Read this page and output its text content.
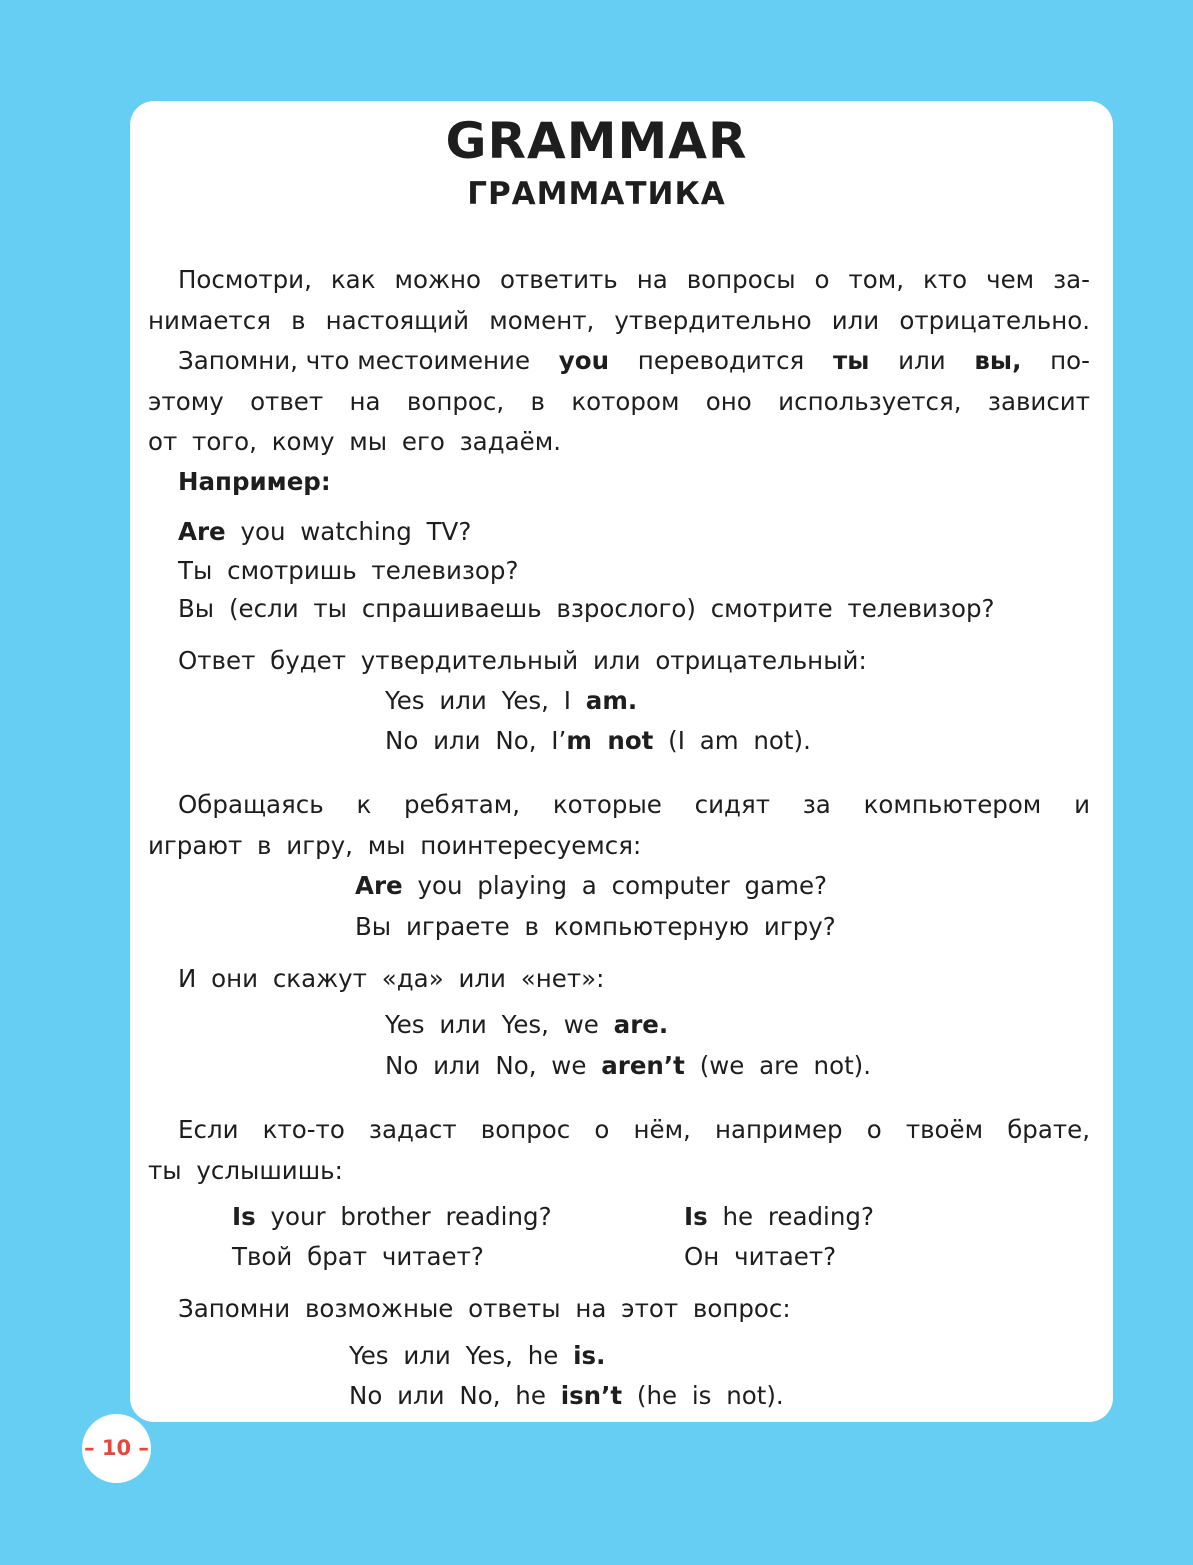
GRAMMAR
ГРАММАТИКА
Посмотри, как можно ответить на вопросы о том, кто чем за-
нимается в настоящий момент, утвердительно или отрицательно.
Запомни, что местоимение you переводится ты или вы, по-
этому ответ на вопрос, в котором оно используется, зависит
от того, кому мы его задаём.
Например:
Are you watching TV?
Ты смотришь телевизор?
Вы (если ты спрашиваешь взрослого) смотрите телевизор?
Ответ будет утвердительный или отрицательный:
Yes или Yes, I am.
No или No, I’m not (I am not).
Обращаясь к ребятам, которые сидят за компьютером и
играют в игру, мы поинтересуемся:
Are you playing a computer game?
Вы играете в компьютерную игру?
И они скажут «да» или «нет»:
Yes или Yes, we are.
No или No, we aren’t (we are not).
Если кто-то задаст вопрос о нём, например о твоём брате,
ты услышишь:
Is your brother reading?
Твой брат читает?
Is he reading?
Он читает?
Запомни возможные ответы на этот вопрос:
Yes или Yes, he is.
No или No, he isn’t (he is not).
– 10 –
